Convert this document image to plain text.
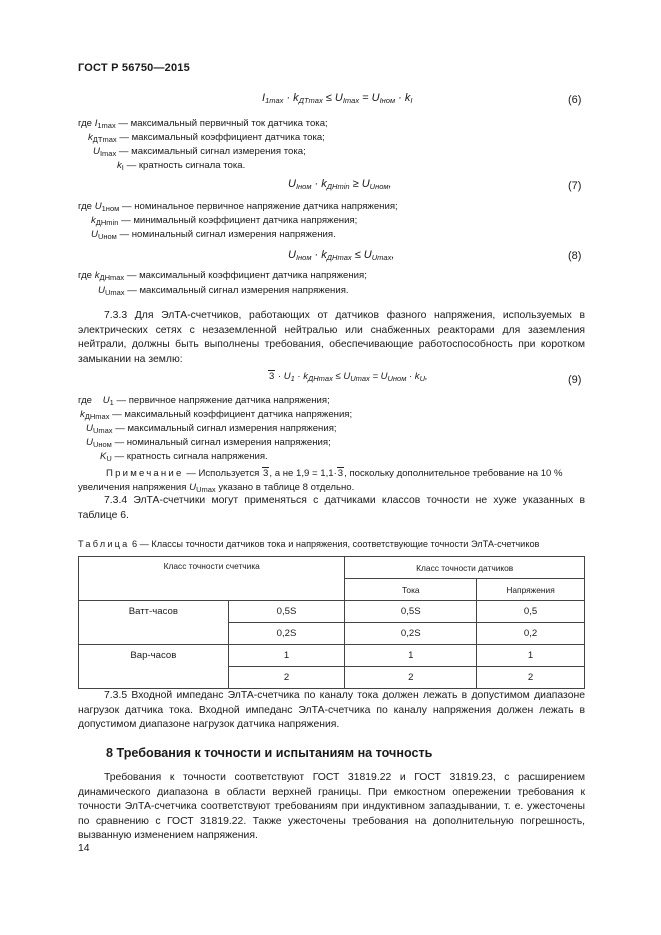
ГОСТ Р 56750—2015
$I_{1max} \cdot k_{ДТmax} \le U_{Imax} = U_{Iном} \cdot k_I$	(6)
где $I_{1max}$ — максимальный первичный ток датчика тока;
$k_{ДТmax}$ — максимальный коэффициент датчика тока;
$U_{Imax}$ — максимальный сигнал измерения тока;
$k_I$ — кратность сигнала тока.
$U_{Iном} \cdot k_{ДНmin} \ge U_{Uном}$,	(7)
где $U_{1ном}$ — номинальное первичное напряжение датчика напряжения;
$k_{ДНmin}$ — минимальный коэффициент датчика напряжения;
$U_{Uном}$ — номинальный сигнал измерения напряжения.
$U_{Iном} \cdot k_{ДНmax} \le U_{Umax}$,	(8)
где $k_{ДНmax}$ — максимальный коэффициент датчика напряжения;
$U_{Umax}$ — максимальный сигнал измерения напряжения.
7.3.3 Для ЭлТА-счетчиков, работающих от датчиков фазного напряжения, используемых в электрических сетях с незаземленной нейтралью или снабженных реакторами для заземления нейтрали, должны быть выполнены требования, обеспечивающие работоспособность при коротком замыкании на землю:
$3 \cdot U_1 \cdot k_{ДНmax} \le U_{Umax} = U_{Uном} \cdot k_U$,	(9)
где $U_1$ — первичное напряжение датчика напряжения;
$k_{ДНmax}$ — максимальный коэффициент датчика напряжения;
$U_{Umax}$ — максимальный сигнал измерения напряжения;
$U_{Uном}$ — номинальный сигнал измерения напряжения;
$K_U$ — кратность сигнала напряжения.
Примечание — Используется 3, а не 1,9 = 1,1·3, поскольку дополнительное требование на 10 %
увеличения напряжения $U_{Umax}$ указано в таблице 8 отдельно.
7.3.4 ЭлТА-счетчики могут применяться с датчиками классов точности не хуже указанных в таблице 6.
Таблица 6 — Классы точности датчиков тока и напряжения, соответствующие точности ЭлТА-счетчиков
Класс точности счетчика		Класс точности датчиков	
		Тока	Напряжения
Ватт-часов	0,5S	0,5S	0,5
	0,2S	0,2S	0,2
Вар-часов	1	1	1
	2	2	2
7.3.5 Входной импеданс ЭлТА-счетчика по каналу тока должен лежать в допустимом диапазоне нагрузок датчика тока. Входной импеданс ЭлТА-счетчика по каналу напряжения должен лежать в допустимом диапазоне нагрузок датчика напряжения.
8 Требования к точности и испытаниям на точность
Требования к точности соответствуют ГОСТ 31819.22 и ГОСТ 31819.23, с расширением динамического диапазона в области верхней границы. При емкостном опережении требования к точности ЭлТА-счетчика соответствуют требованиям при индуктивном запаздывании, т. е. ужесточены по сравнению с ГОСТ 31819.22. Также ужесточены требования на дополнительную погрешность, вызванную изменением напряжения.
14
